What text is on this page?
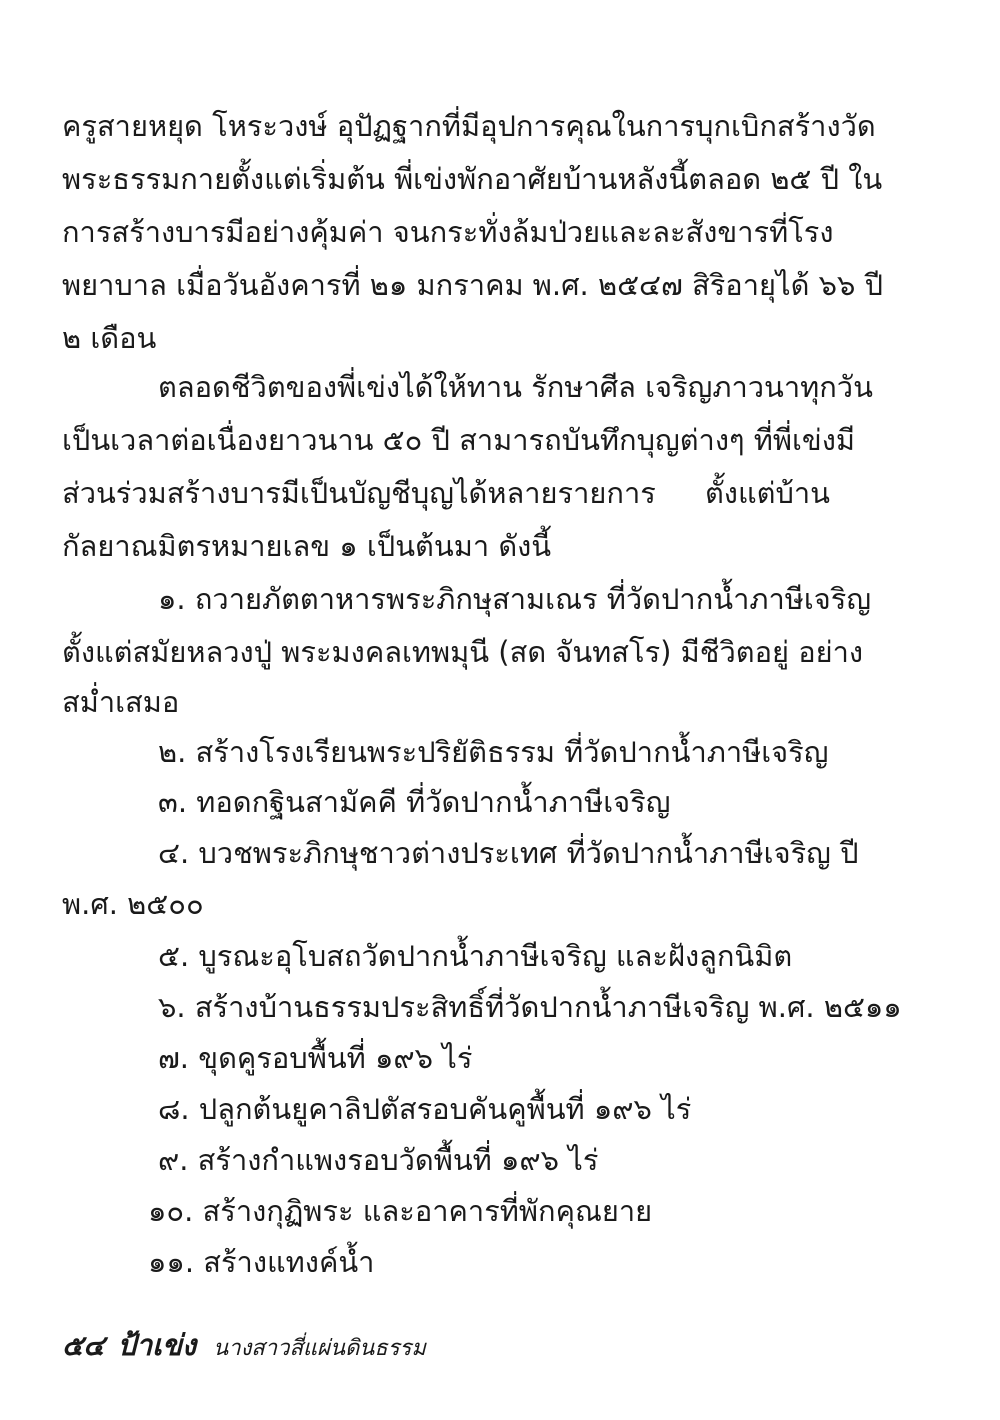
ครูสายหยุด โหระวงษ์ อุปัฏฐากที่มีอุปการคุณในการบุกเบิกสร้างวัด
พระธรรมกายตั้งแต่เริ่มต้น พี่เข่งพักอาศัยบ้านหลังนี้ตลอด ๒๕ ปี ใน
การสร้างบารมีอย่างคุ้มค่า จนกระทั่งล้มป่วยและละสังขารที่โรง
พยาบาล เมื่อวันอังคารที่ ๒๑ มกราคม พ.ศ. ๒๕๔๗ สิริอายุได้ ๖๖ ปี
๒ เดือน
ตลอดชีวิตของพี่เข่งได้ให้ทาน รักษาศีล เจริญภาวนาทุกวัน
เป็นเวลาต่อเนื่องยาวนาน ๕๐ ปี สามารถบันทึกบุญต่างๆ ที่พี่เข่งมี
ส่วนร่วมสร้างบารมีเป็นบัญชีบุญได้หลายรายการ ตั้งแต่บ้าน
กัลยาณมิตรหมายเลข ๑ เป็นต้นมา ดังนี้
๑. ถวายภัตตาหารพระภิกษุสามเณร ที่วัดปากน้ำภาษีเจริญ
ตั้งแต่สมัยหลวงปู่ พระมงคลเทพมุนี (สด จันทสโร) มีชีวิตอยู่ อย่าง
สม่ำเสมอ
๒. สร้างโรงเรียนพระปริยัติธรรม ที่วัดปากน้ำภาษีเจริญ
๓. ทอดกฐินสามัคคี ที่วัดปากน้ำภาษีเจริญ
๔. บวชพระภิกษุชาวต่างประเทศ ที่วัดปากน้ำภาษีเจริญ ปี
พ.ศ. ๒๕๐๐
๕. บูรณะอุโบสถวัดปากน้ำภาษีเจริญ และฝังลูกนิมิต
๖. สร้างบ้านธรรมประสิทธิ์ที่วัดปากน้ำภาษีเจริญ พ.ศ. ๒๕๑๑
๗. ขุดคูรอบพื้นที่ ๑๙๖ ไร่
๘. ปลูกต้นยูคาลิปตัสรอบคันคูพื้นที่ ๑๙๖ ไร่
๙. สร้างกำแพงรอบวัดพื้นที่ ๑๙๖ ไร่
๑๐. สร้างกุฏิพระ และอาคารที่พักคุณยาย
๑๑. สร้างแทงค์น้ำ
๕๔ ป้าเข่ง นางสาวสี่แผ่นดินธรรม
